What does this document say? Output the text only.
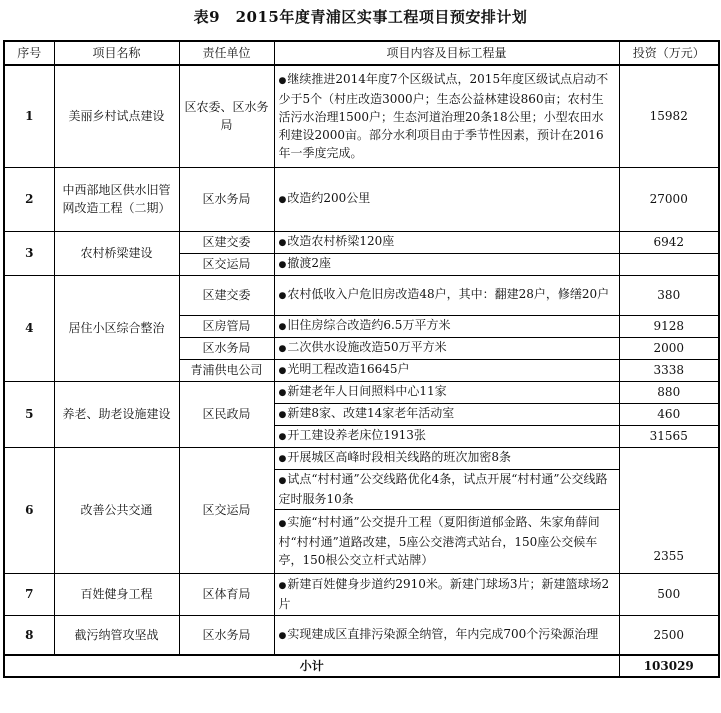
表9　2015年度青浦区实事工程项目预安排计划
序号	项目名称	责任单位	项目内容及目标工程量	投资（万元）
1	美丽乡村试点建设	区农委、区水务局	●继续推进2014年度7个区级试点，2015年度区级试点启动不少于5个（村庄改造3000户；生态公益林建设860亩；农村生活污水治理1500户；生态河道治理20条18公里；小型农田水利建设2000亩。部分水利项目由于季节性因素，预计在2016年一季度完成。	15982
2	中西部地区供水旧管网改造工程（二期）	区水务局	●改造约200公里	27000
3	农村桥梁建设	区建交委	●改造农村桥梁120座	6942
		区交运局	●撤渡2座	
4	居住小区综合整治	区建交委	●农村低收入户危旧房改造48户，其中：翻建28户，修缮20户	380
		区房管局	●旧住房综合改造约6.5万平方米	9128
		区水务局	●二次供水设施改造50万平方米	2000
		青浦供电公司	●光明工程改造16645户	3338
5	养老、助老设施建设	区民政局	●新建老年人日间照料中心11家	880
			●新建8家、改建14家老年活动室	460
			●开工建设养老床位1913张	31565
6	改善公共交通	区交运局	●开展城区高峰时段相关线路的班次加密8条	2355
			●试点“村村通”公交线路优化4条，试点开展“村村通”公交线路定时服务10条	
			●实施“村村通”公交提升工程（夏阳街道郁金路、朱家角薛间村“村村通”道路改建，5座公交港湾式站台，150座公交候车亭，150根公交立杆式站牌）	
7	百姓健身工程	区体育局	●新建百姓健身步道约2910米。新建门球场3片；新建篮球场2片	500
8	截污纳管攻坚战	区水务局	●实现建成区直排污染源全纳管，年内完成700个污染源治理	2500
小计				103029
